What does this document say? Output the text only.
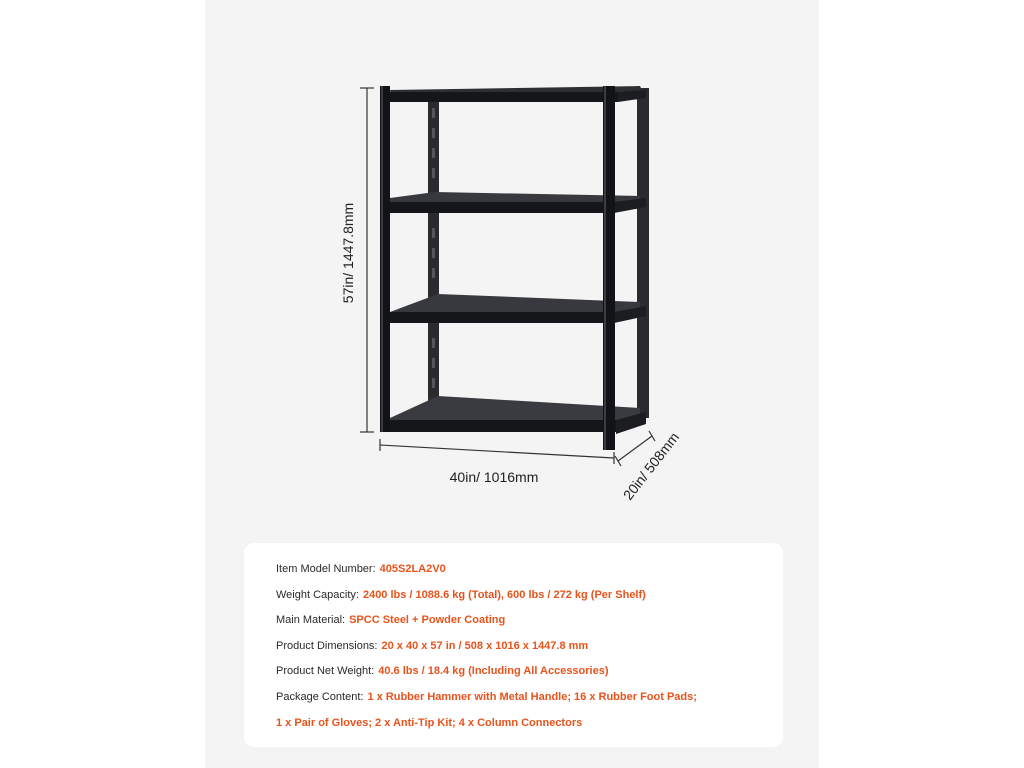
57in/ 1447.8mm
40in/ 1016mm	20in/ 508mm
Item Model Number: 405S2LA2V0
Weight Capacity: 2400 lbs / 1088.6 kg (Total), 600 lbs / 272 kg (Per Shelf)
Main Material: SPCC Steel + Powder Coating
Product Dimensions: 20 x 40 x 57 in / 508 x 1016 x 1447.8 mm
Product Net Weight: 40.6 lbs / 18.4 kg (Including All Accessories)
Package Content: 1 x Rubber Hammer with Metal Handle; 16 x Rubber Foot Pads;
1 x Pair of Gloves; 2 x Anti-Tip Kit; 4 x Column Connectors
